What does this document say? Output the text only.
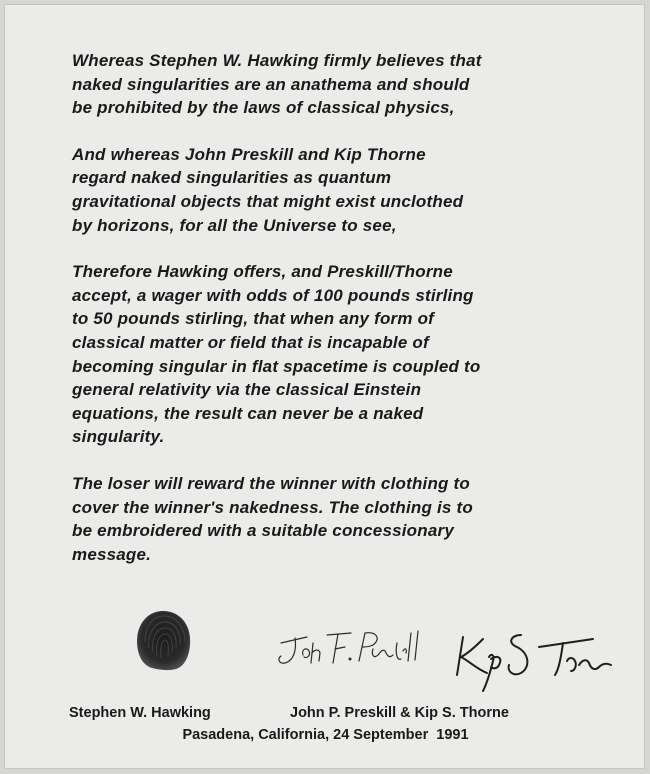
Whereas Stephen W. Hawking firmly believes that
naked singularities are an anathema and should
be prohibited by the laws of classical physics,
And whereas John Preskill and Kip Thorne
regard naked singularities as quantum
gravitational objects that might exist unclothed
by horizons, for all the Universe to see,
Therefore Hawking offers, and Preskill/Thorne
accept, a wager with odds of 100 pounds stirling
to 50 pounds stirling, that when any form of
classical matter or field that is incapable of
becoming singular in flat spacetime is coupled to
general relativity via the classical Einstein
equations, the result can never be a naked
singularity.
The loser will reward the winner with clothing to
cover the winner's nakedness. The clothing is to
be embroidered with a suitable concessionary
message.
Stephen W. Hawking	John P. Preskill & Kip S. Thorne
Pasadena, California, 24 September  1991
